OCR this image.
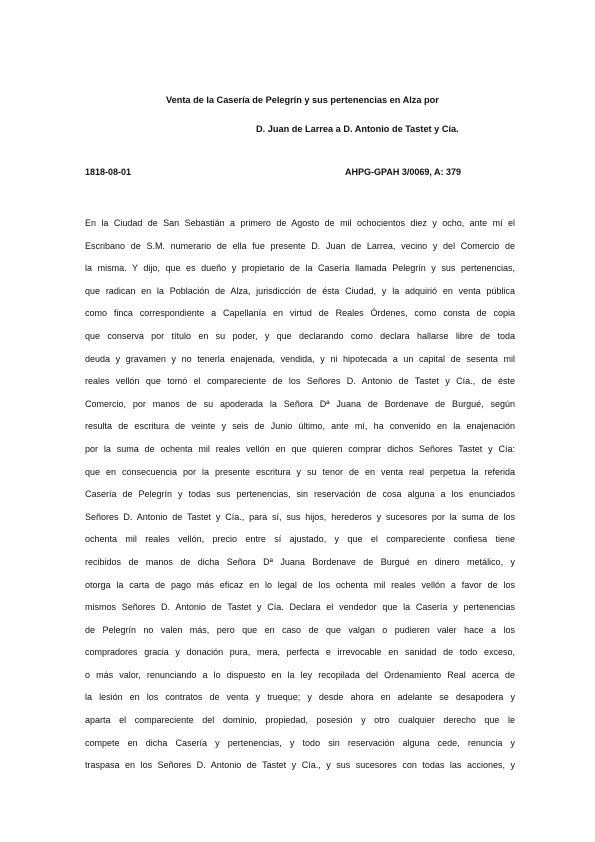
Venta de la Casería de Pelegrín y sus pertenencias en Alza por
D. Juan de Larrea a D. Antonio de Tastet y Cía.
1818-08-01	AHPG-GPAH 3/0069, A: 379
En la Ciudad de San Sebastián a primero de Agosto de mil ochocientos diez y ocho, ante mí el
Escribano de S.M. numerario de ella fue presente D. Juan de Larrea, vecino y del Comercio de
la misma. Y dijo, que es dueño y propietario de la Casería llamada Pelegrín y sus pertenencias,
que radican en la Población de Alza, jurisdicción de ésta Ciudad, y la adquirió en venta pública
como finca correspondiente a Capellanía en virtud de Reales Órdenes, como consta de copia
que conserva por título en su poder, y que declarando como declara hallarse libre de toda
deuda y gravamen y no tenerla enajenada, vendida, y ni hipotecada a un capital de sesenta mil
reales vellón que tomó el compareciente de los Señores D. Antonio de Tastet y Cía., de éste
Comercio, por manos de su apoderada la Señora Dª Juana de Bordenave de Burgué, según
resulta de escritura de veinte y seis de Junio último, ante mí, ha convenido en la enajenación
por la suma de ochenta mil reales vellón en que quieren comprar dichos Señores Tastet y Cía:
que en consecuencia por la presente escritura y su tenor de en venta real perpetua la referida
Casería de Pelegrín y todas sus pertenencias, sin reservación de cosa alguna a los enunciados
Señores D. Antonio de Tastet y Cía., para sí, sus hijos, herederos y sucesores por la suma de los
ochenta mil reales vellón, precio entre sí ajustado, y que el compareciente confiesa tiene
recibidos de manos de dicha Señora Dª Juana Bordenave de Burgué en dinero metálico, y
otorga la carta de pago más eficaz en lo legal de los ochenta mil reales vellón a favor de los
mismos Señores D. Antonio de Tastet y Cía. Declara el vendedor que la Casería y pertenencias
de Pelegrín no valen más, pero que en caso de que valgan o pudieren valer hace a los
compradores gracia y donación pura, mera, perfecta e irrevocable en sanidad de todo exceso,
o más valor, renunciando a lo dispuesto en la ley recopilada del Ordenamiento Real acerca de
la lesión en los contratos de venta y trueque; y desde ahora en adelante se desapodera y
aparta el compareciente del dominio, propiedad, posesión y otro cualquier derecho que le
compete en dicha Casería y pertenencias, y todo sin reservación alguna cede, renuncia y
traspasa en los Señores D. Antonio de Tastet y Cía., y sus sucesores con todas las acciones, y
